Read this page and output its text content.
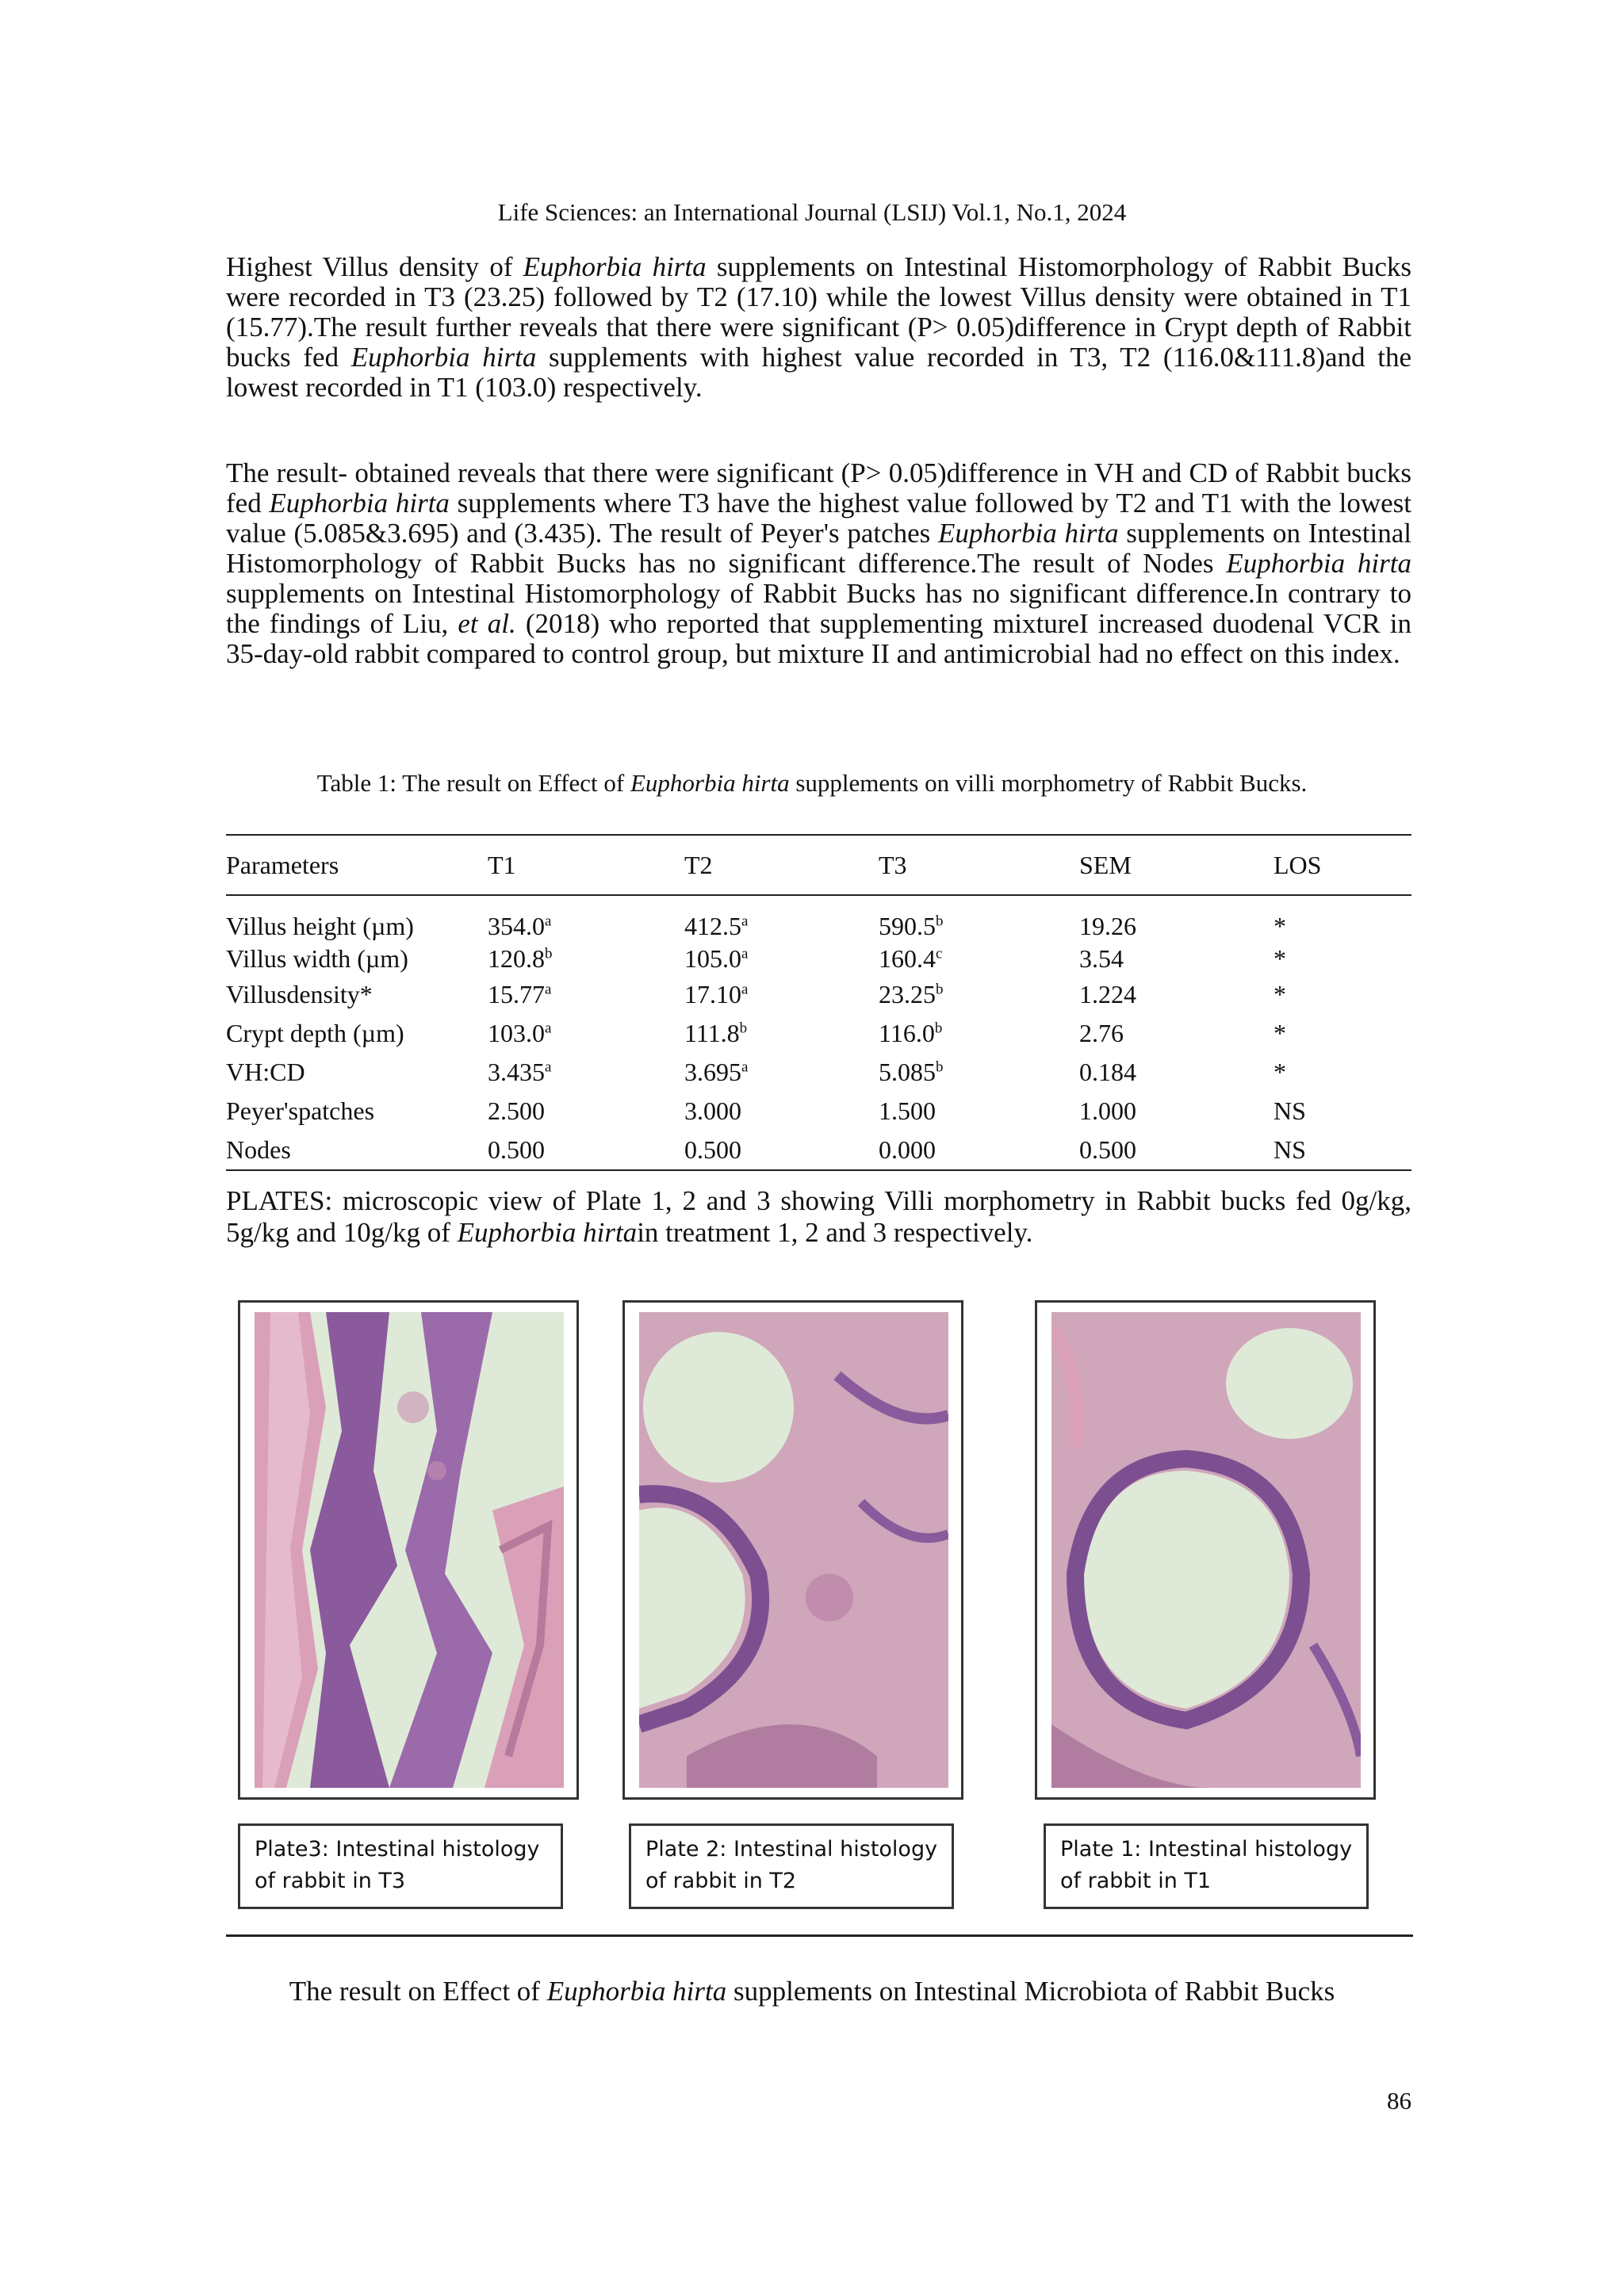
Life Sciences: an International Journal (LSIJ) Vol.1, No.1, 2024

Highest Villus density of Euphorbia hirta supplements on Intestinal Histomorphology of Rabbit Bucks were recorded in T3 (23.25) followed by T2 (17.10) while the lowest Villus density were obtained in T1 (15.77).The result further reveals that there were significant (P> 0.05)difference in Crypt depth of Rabbit bucks fed Euphorbia hirta supplements with highest value recorded in T3, T2 (116.0&111.8)and the lowest recorded in T1 (103.0) respectively.

The result- obtained reveals that there were significant (P> 0.05)difference in VH and CD of Rabbit bucks fed Euphorbia hirta supplements where T3 have the highest value followed by T2 and T1 with the lowest value (5.085&3.695) and (3.435). The result of Peyer's patches Euphorbia hirta supplements on Intestinal Histomorphology of Rabbit Bucks has no significant difference.The result of Nodes Euphorbia hirta supplements on Intestinal Histomorphology of Rabbit Bucks has no significant difference.In contrary to the findings of Liu, et al. (2018) who reported that supplementing mixtureI increased duodenal VCR in 35-day-old rabbit compared to control group, but mixture II and antimicrobial had no effect on this index.

Table 1: The result on Effect of Euphorbia hirta supplements on villi morphometry of Rabbit Bucks.
Parameters	T1	T2	T3	SEM	LOS
Villus height (µm)	354.0$^a$	412.5$^a$	590.5$^b$	19.26	*
Villus width (µm)	120.8$^b$	105.0$^a$	160.4$^c$	3.54	*
Villusdensity*	15.77$^a$	17.10$^a$	23.25$^b$	1.224	*
Crypt depth (µm)	103.0$^a$	111.8$^b$	116.0$^b$	2.76	*
VH:CD	3.435$^a$	3.695$^a$	5.085$^b$	0.184	*
Peyer'spatches	2.500	3.000	1.500	1.000	NS
Nodes	0.500	0.500	0.000	0.500	NS

PLATES: microscopic view of Plate 1, 2 and 3 showing Villi morphometry in Rabbit bucks fed 0g/kg, 5g/kg and 10g/kg of Euphorbia hirtain treatment 1, 2 and 3 respectively.

Plate3: Intestinal histology of rabbit in T3
Plate 2: Intestinal histology of rabbit in T2
Plate 1: Intestinal histology of rabbit in T1
The result on Effect of Euphorbia hirta supplements on Intestinal Microbiota of Rabbit Bucks
86
